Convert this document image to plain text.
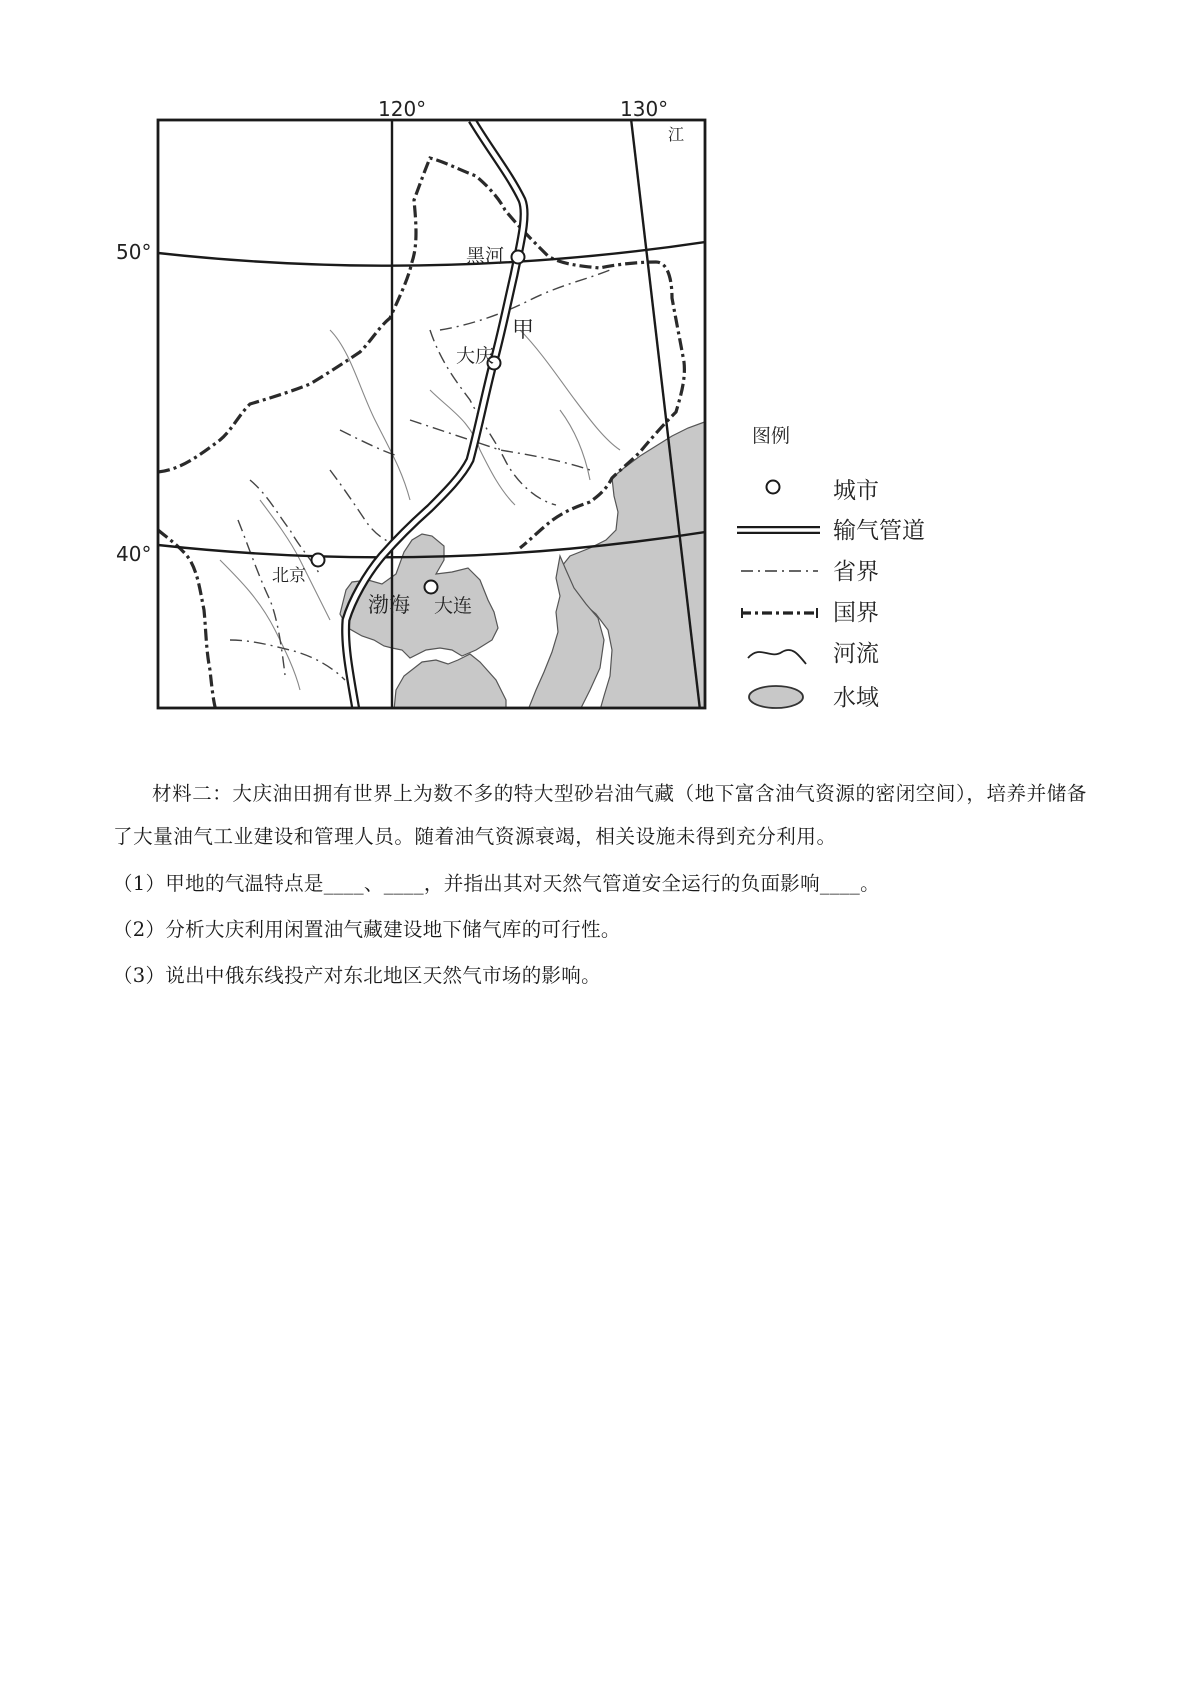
120°	130°
50°
40°
江
黑河
甲
大庆
北京
渤海 大连
图例
城市
输气管道
省界
国界
河流
水域

材料二：大庆油田拥有世界上为数不多的特大型砂岩油气藏（地下富含油气资源的密闭空间），培养并储备了大量油气工业建设和管理人员。随着油气资源衰竭，相关设施未得到充分利用。

（1）甲地的气温特点是____、____，并指出其对天然气管道安全运行的负面影响____。

（2）分析大庆利用闲置油气藏建设地下储气库的可行性。

（3）说出中俄东线投产对东北地区天然气市场的影响。
